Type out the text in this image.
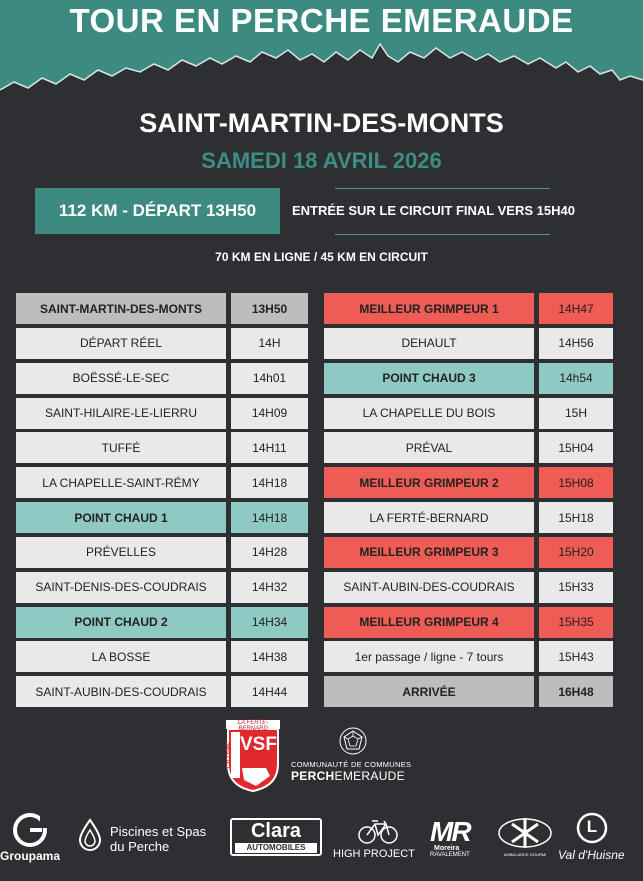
TOUR EN PERCHE EMERAUDE
SAINT-MARTIN-DES-MONTS
SAMEDI 18 AVRIL 2026
112 KM - DÉPART 13H50	ENTRÉE SUR LE CIRCUIT FINAL VERS 15H40
70 KM EN LIGNE / 45 KM EN CIRCUIT
SAINT-MARTIN-DES-MONTS	13H50
DÉPART RÉEL	14H
BOËSSÉ-LE-SEC	14h01
SAINT-HILAIRE-LE-LIERRU	14H09
TUFFÉ	14H11
LA CHAPELLE-SAINT-RÉMY	14H18
POINT CHAUD 1	14H18
PRÉVELLES	14H28
SAINT-DENIS-DES-COUDRAIS	14H32
POINT CHAUD 2	14H34
LA BOSSE	14H38
SAINT-AUBIN-DES-COUDRAIS	14H44
MEILLEUR GRIMPEUR 1	14H47
DEHAULT	14H56
POINT CHAUD 3	14h54
LA CHAPELLE DU BOIS	15H
PRÉVAL	15H04
MEILLEUR GRIMPEUR 2	15H08
LA FERTÉ-BERNARD	15H18
MEILLEUR GRIMPEUR 3	15H20
SAINT-AUBIN-DES-COUDRAIS	15H33
MEILLEUR GRIMPEUR 4	15H35
1er passage / ligne - 7 tours	15H43
ARRIVÉE	16H48
LA FERTE-BERNARD
VSF
CYCLISME	COMMUNAUTÉ DE COMMUNES
PERCHEMERAUDE
Groupama
Piscines et Spas
du Perche
Clara
AUTOMOBILES
HIGH PROJECT
MR
Moreira
RAVALEMENT	AMBULANCE GOURMI
L
Val d'Huisne
